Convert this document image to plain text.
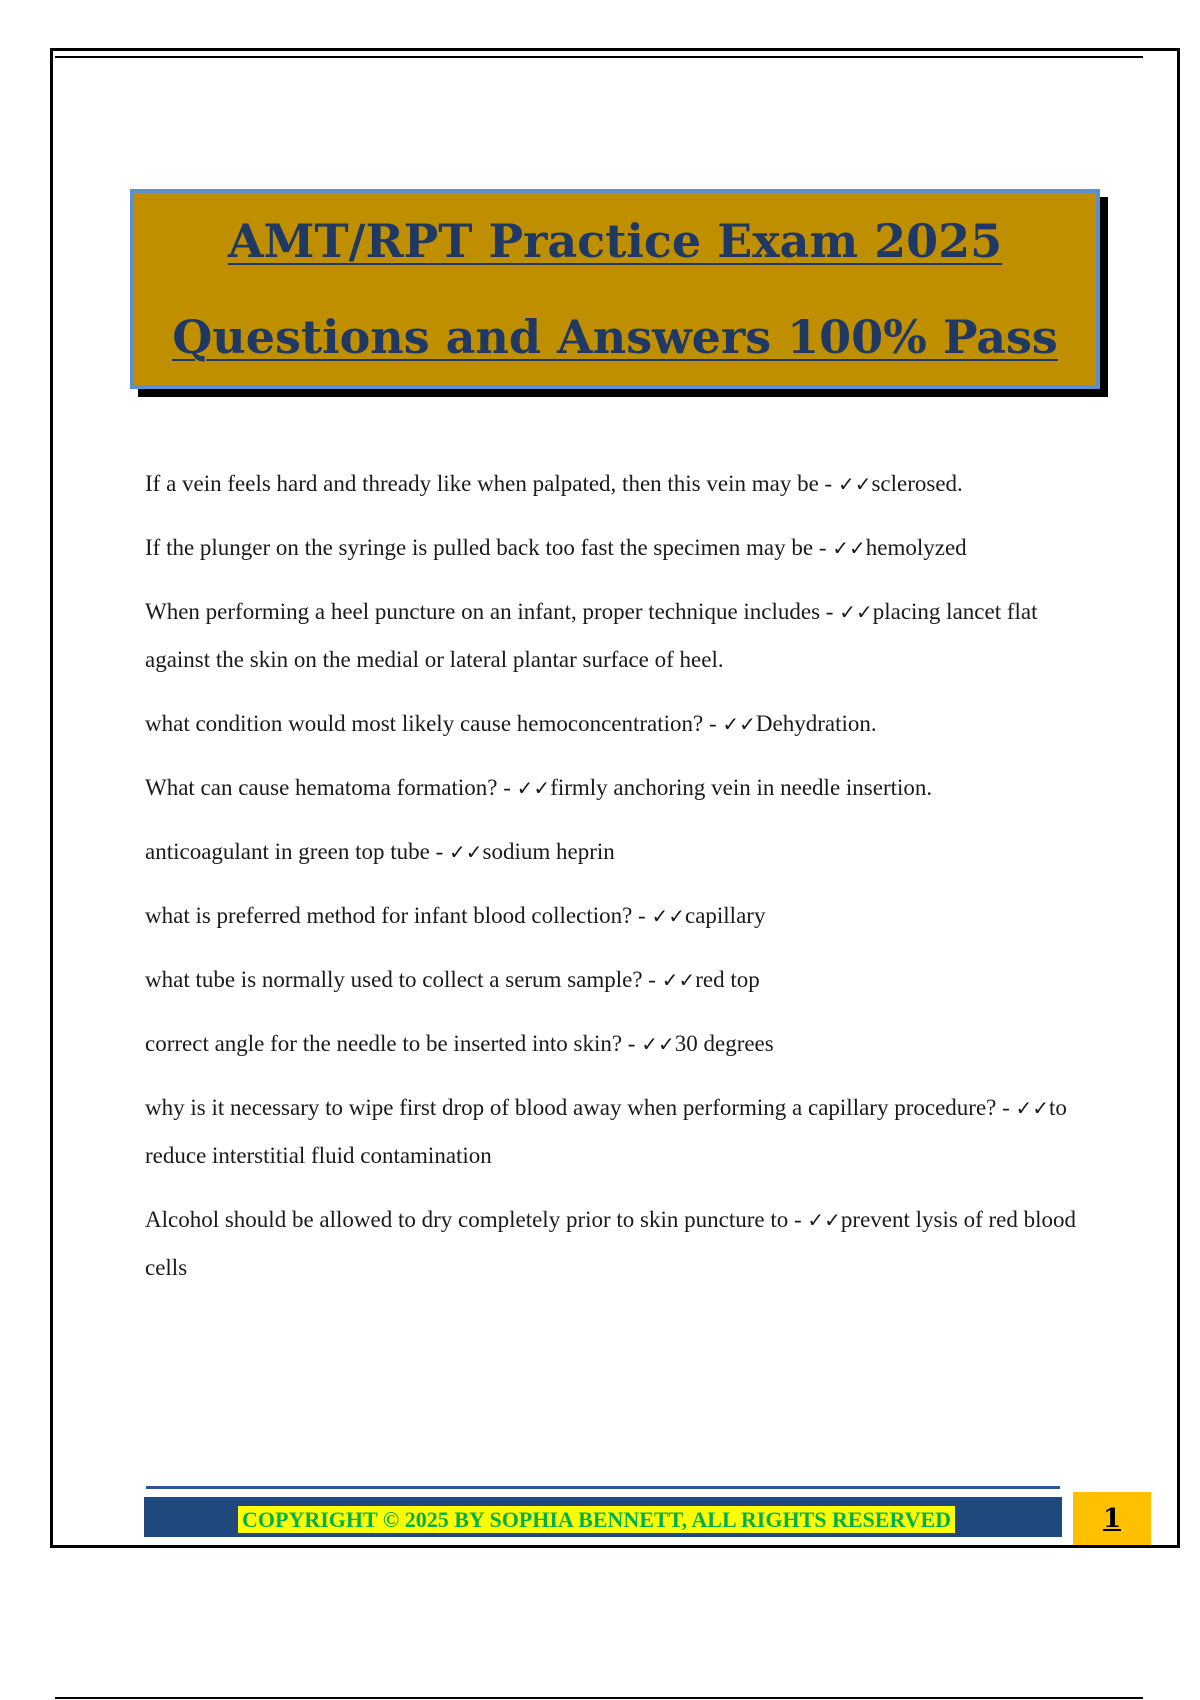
AMT/RPT Practice Exam 2025
Questions and Answers 100% Pass

If a vein feels hard and thready like when palpated, then this vein may be - ✓✓sclerosed.

If the plunger on the syringe is pulled back too fast the specimen may be - ✓✓hemolyzed

When performing a heel puncture on an infant, proper technique includes - ✓✓placing lancet flat against the skin on the medial or lateral plantar surface of heel.

what condition would most likely cause hemoconcentration? - ✓✓Dehydration.

What can cause hematoma formation? - ✓✓firmly anchoring vein in needle insertion.

anticoagulant in green top tube - ✓✓sodium heprin

what is preferred method for infant blood collection? - ✓✓capillary

what tube is normally used to collect a serum sample? - ✓✓red top

correct angle for the needle to be inserted into skin? - ✓✓30 degrees

why is it necessary to wipe first drop of blood away when performing a capillary procedure? - ✓✓to reduce interstitial fluid contamination

Alcohol should be allowed to dry completely prior to skin puncture to - ✓✓prevent lysis of red blood cells

COPYRIGHT © 2025 BY SOPHIA BENNETT, ALL RIGHTS RESERVED	1
